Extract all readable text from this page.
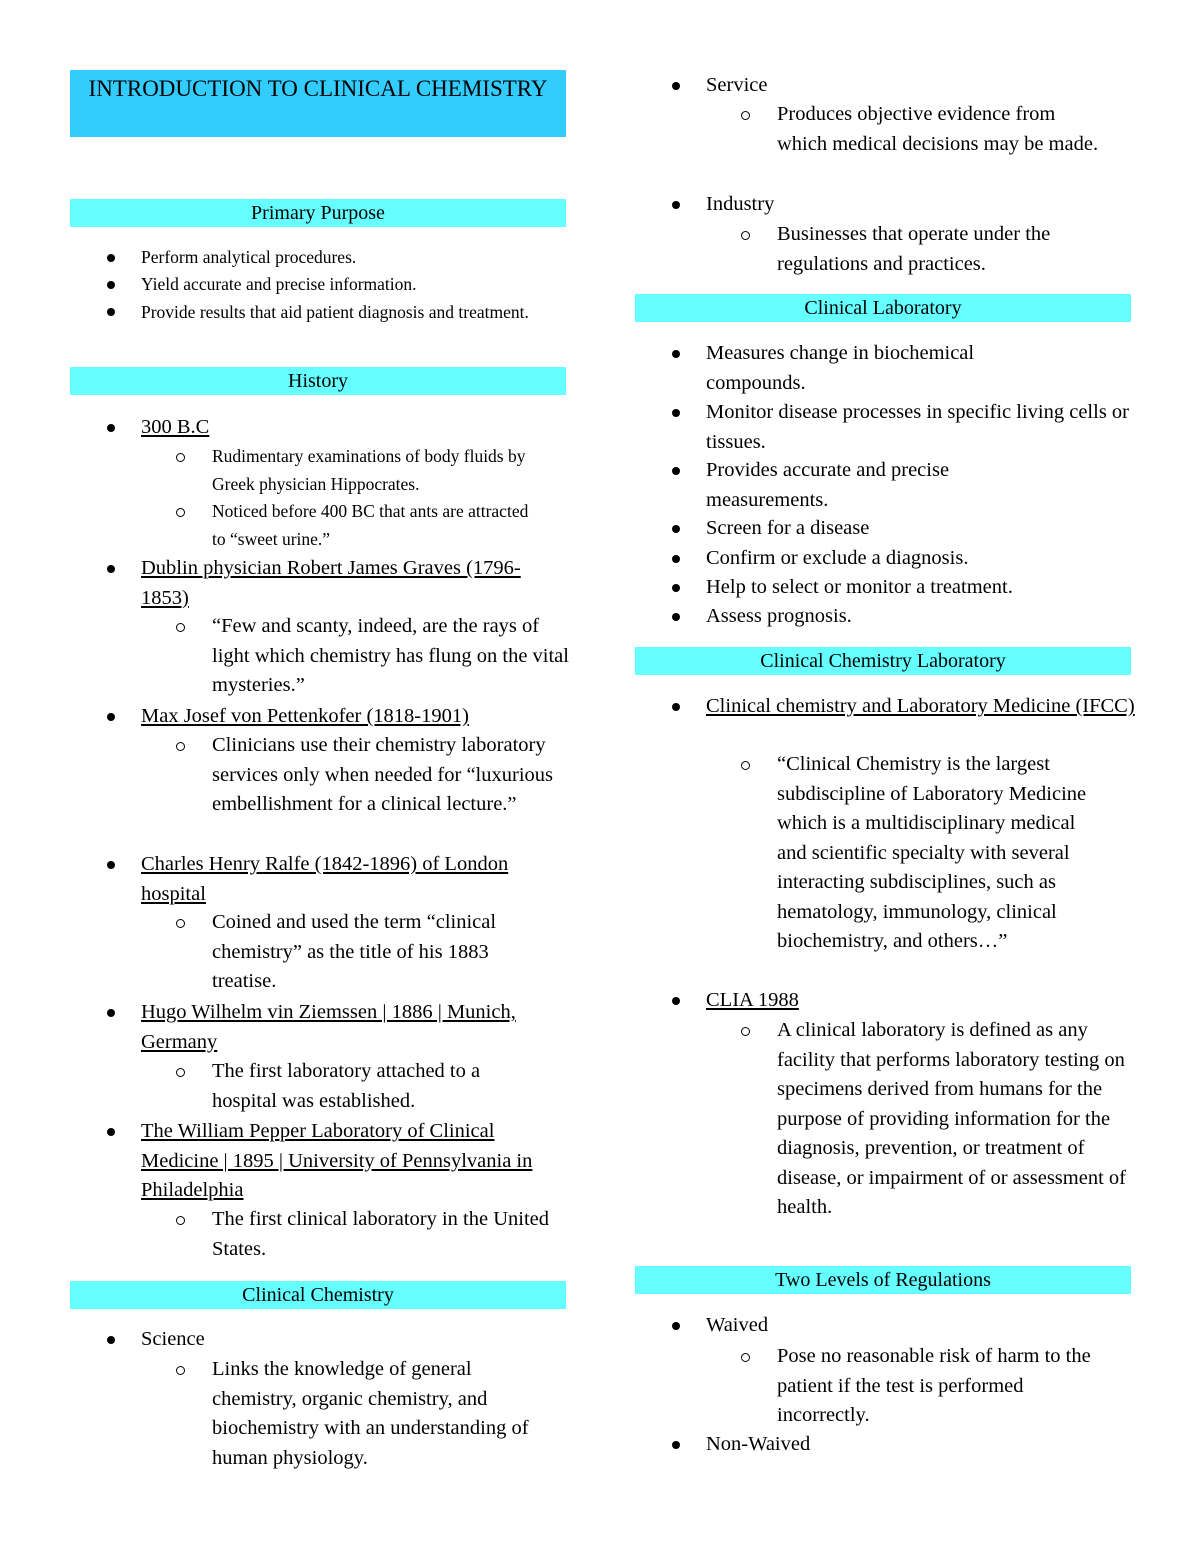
INTRODUCTION TO CLINICAL CHEMISTRY
Primary Purpose
Perform analytical procedures.
Yield accurate and precise information.
Provide results that aid patient diagnosis and treatment.
History
300 B.C
Rudimentary examinations of body fluids by Greek physician Hippocrates.
Noticed before 400 BC that ants are attracted to “sweet urine.”
Dublin physician Robert James Graves (1796-1853)
“Few and scanty, indeed, are the rays of light which chemistry has flung on the vital mysteries.”
Max Josef von Pettenkofer (1818-1901)
Clinicians use their chemistry laboratory services only when needed for “luxurious embellishment for a clinical lecture.”
Charles Henry Ralfe (1842-1896) of London hospital
Coined and used the term “clinical chemistry” as the title of his 1883 treatise.
Hugo Wilhelm vin Ziemssen | 1886 | Munich, Germany
The first laboratory attached to a hospital was established.
The William Pepper Laboratory of Clinical Medicine | 1895 | University of Pennsylvania in Philadelphia
The first clinical laboratory in the United States.
Clinical Chemistry
Science
Links the knowledge of general chemistry, organic chemistry, and biochemistry with an understanding of human physiology.
Service
Produces objective evidence from which medical decisions may be made.
Industry
Businesses that operate under the regulations and practices.
Clinical Laboratory
Measures change in biochemical compounds.
Monitor disease processes in specific living cells or tissues.
Provides accurate and precise measurements.
Screen for a disease
Confirm or exclude a diagnosis.
Help to select or monitor a treatment.
Assess prognosis.
Clinical Chemistry Laboratory
Clinical chemistry and Laboratory Medicine (IFCC)
“Clinical Chemistry is the largest subdiscipline of Laboratory Medicine which is a multidisciplinary medical and scientific specialty with several interacting subdisciplines, such as hematology, immunology, clinical biochemistry, and others…”
CLIA 1988
A clinical laboratory is defined as any facility that performs laboratory testing on specimens derived from humans for the purpose of providing information for the diagnosis, prevention, or treatment of disease, or impairment of or assessment of health.
Two Levels of Regulations
Waived
Pose no reasonable risk of harm to the patient if the test is performed incorrectly.
Non-Waived
